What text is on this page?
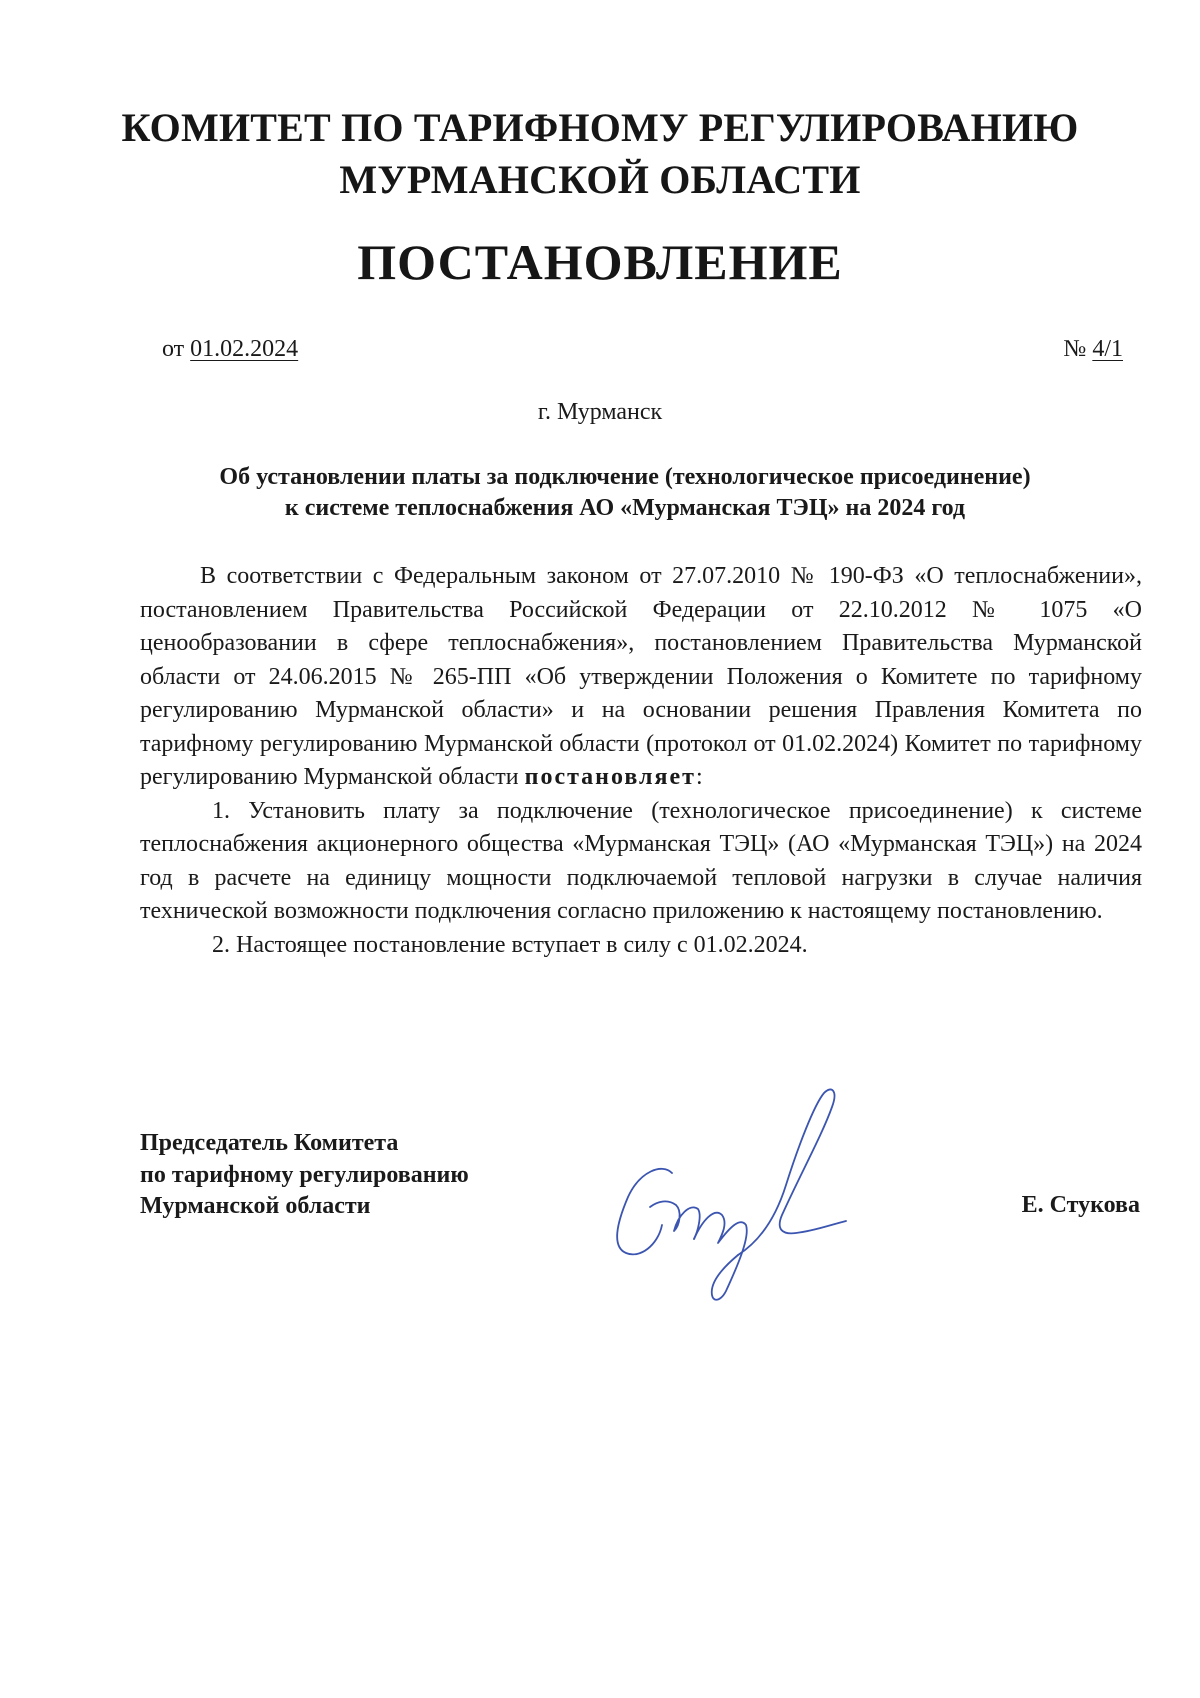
КОМИТЕТ ПО ТАРИФНОМУ РЕГУЛИРОВАНИЮ
МУРМАНСКОЙ ОБЛАСТИ
ПОСТАНОВЛЕНИЕ
от 01.02.2024	№ 4/1
г. Мурманск
Об установлении платы за подключение (технологическое присоединение)
к системе теплоснабжения АО «Мурманская ТЭЦ» на 2024 год

В соответствии с Федеральным законом от 27.07.2010 № 190-ФЗ «О теплоснабжении», постановлением Правительства Российской Федерации от 22.10.2012 № 1075 «О ценообразовании в сфере теплоснабжения», постановлением Правительства Мурманской области от 24.06.2015 № 265-ПП «Об утверждении Положения о Комитете по тарифному регулированию Мурманской области» и на основании решения Правления Комитета по тарифному регулированию Мурманской области (протокол от 01.02.2024) Комитет по тарифному регулированию Мурманской области постановляет:

1. Установить плату за подключение (технологическое присоединение) к системе теплоснабжения акционерного общества «Мурманская ТЭЦ» (АО «Мурманская ТЭЦ») на 2024 год в расчете на единицу мощности подключаемой тепловой нагрузки в случае наличия технической возможности подключения согласно приложению к настоящему постановлению.

2. Настоящее постановление вступает в силу с 01.02.2024.

Председатель Комитета
по тарифному регулированию
Мурманской области	Е. Стукова
